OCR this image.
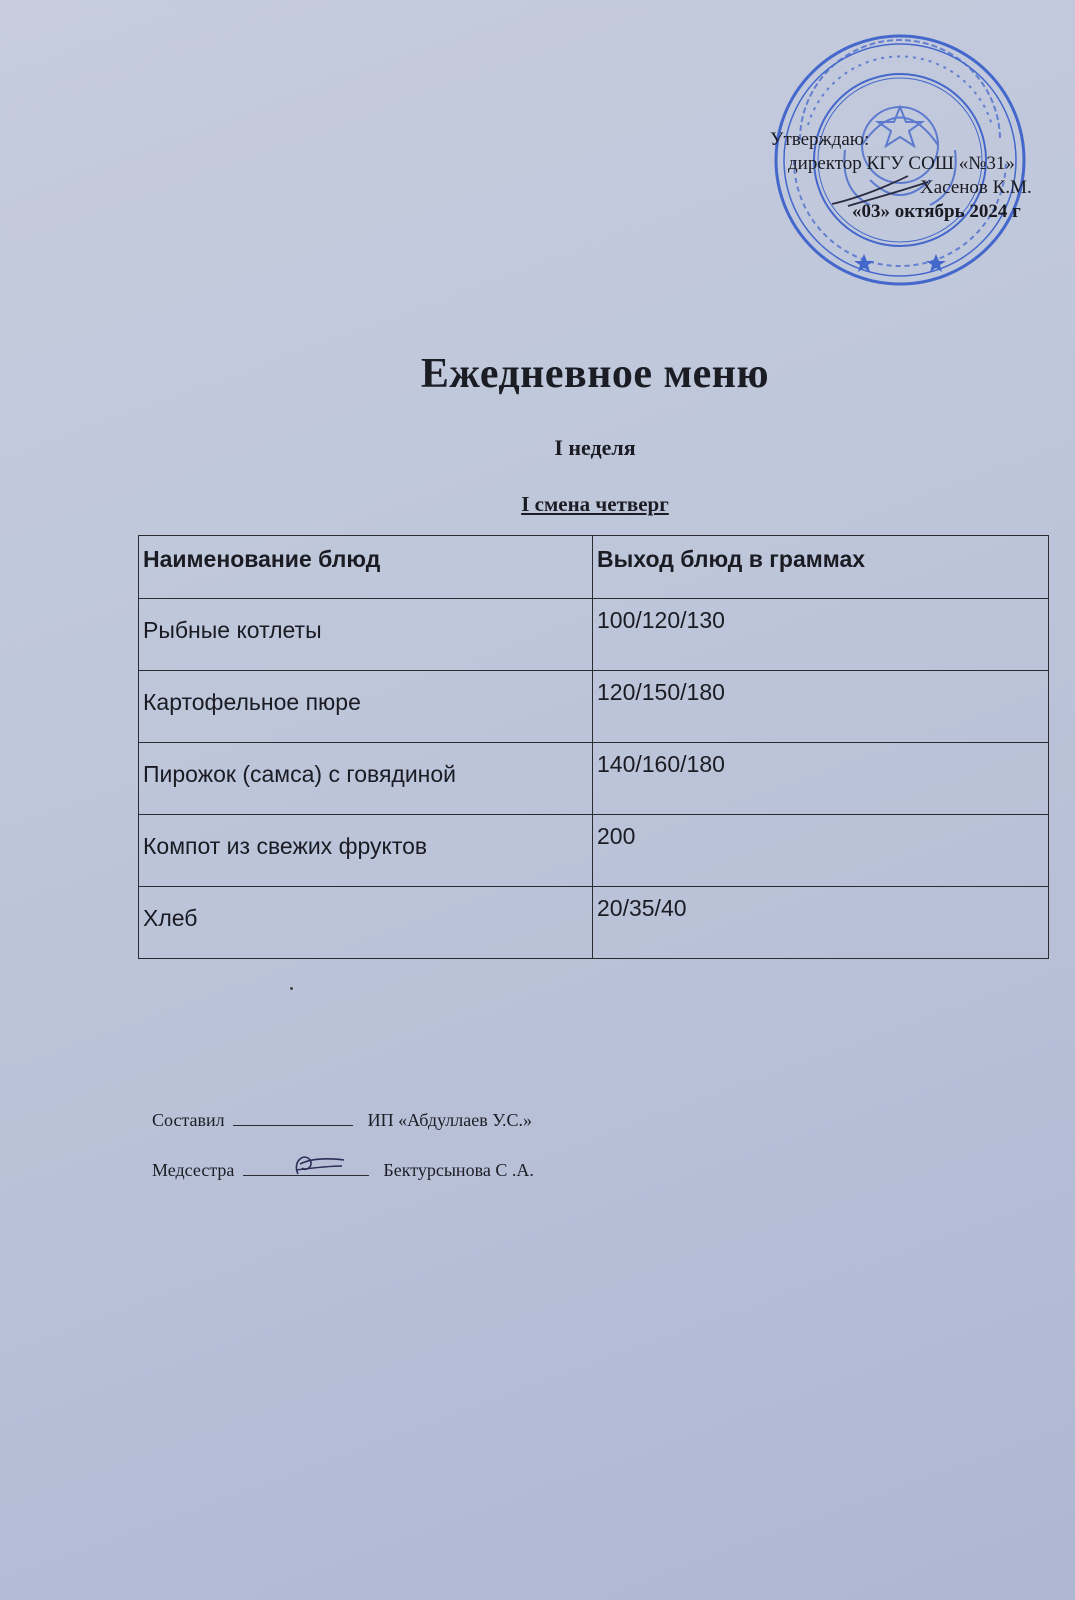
Утверждаю:
директор КГУ СОШ «№31»
Хасенов К.М.
«03» октябрь 2024 г
Ежедневное меню
I неделя
I смена четверг
Наименование блюд	Выход блюд в граммах
Рыбные котлеты	100/120/130
Картофельное пюре	120/150/180
Пирожок (самса) с говядиной	140/160/180
Компот из свежих фруктов	200
Хлеб	20/35/40
Составил	ИП «Абдуллаев У.С.»
Медсестра	Бектурсынова С .А.
